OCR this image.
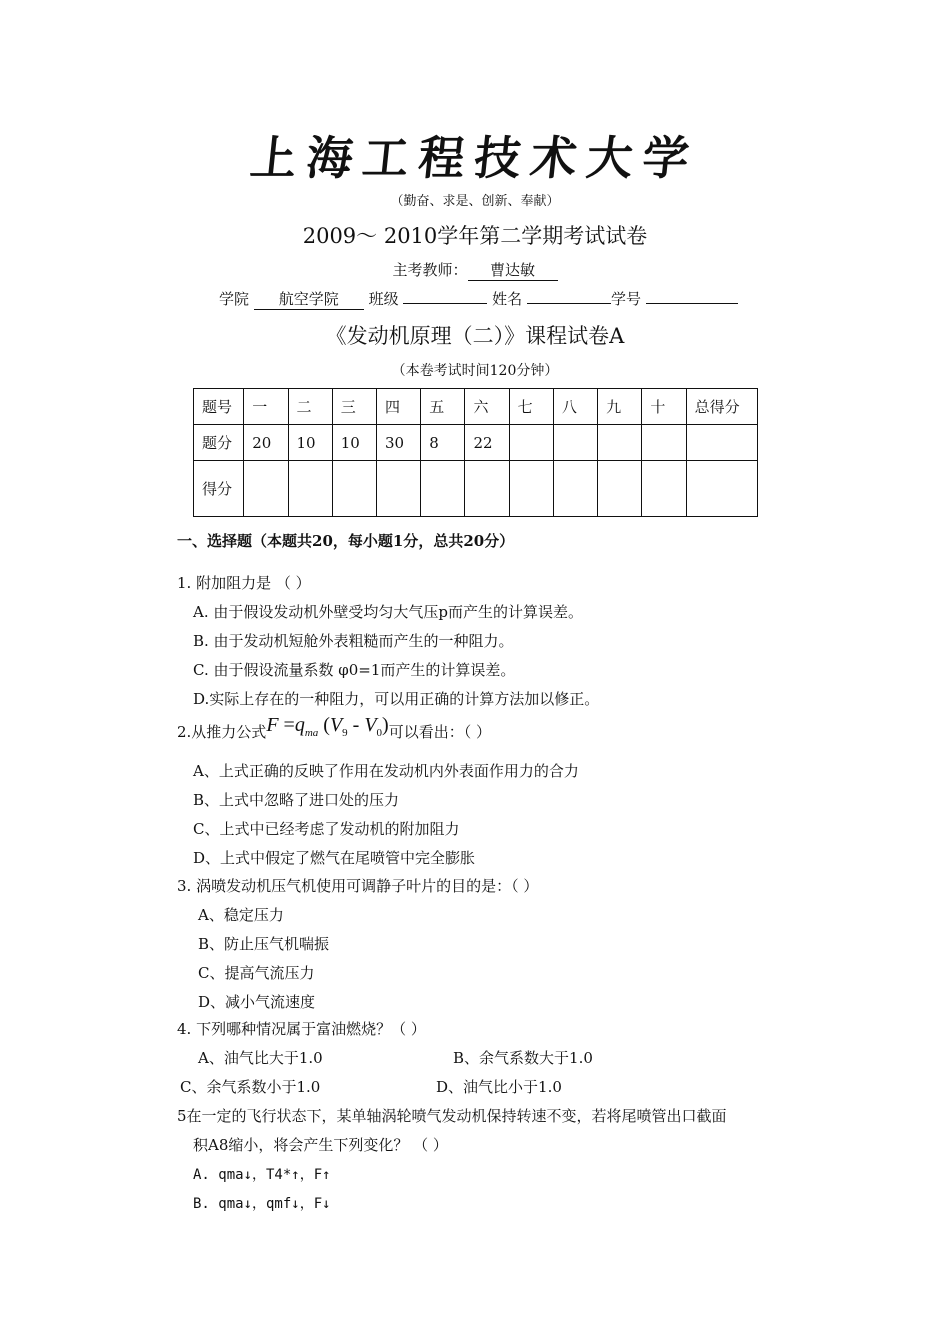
上海工程技术大学
（勤奋、求是、创新、奉献）
2009～ 2010学年第二学期考试试卷
主考教师： 曹达敏
学院 航空学院 班级	姓名	学号
《发动机原理（二）》课程试卷A
（本卷考试时间120分钟）
题号	一	二	三	四	五	六	七	八	九	十	总得分
题分	20	10	10	30	8	22					
得分											
一、选择题（本题共20，每小题1分，总共20分）
1. 附加阻力是 （ ）
A. 由于假设发动机外壁受均匀大气压p而产生的计算误差。
B. 由于发动机短舱外表粗糙而产生的一种阻力。
C. 由于假设流量系数 φ0=1而产生的计算误差。
D.实际上存在的一种阻力，可以用正确的计算方法加以修正。
2.从推力公式$F =q_{ma}$ $(V_9 - V_0)$可以看出：（ ）
A、上式正确的反映了作用在发动机内外表面作用力的合力
B、上式中忽略了进口处的压力
C、上式中已经考虑了发动机的附加阻力
D、上式中假定了燃气在尾喷管中完全膨胀
3. 涡喷发动机压气机使用可调静子叶片的目的是：（ ）
A、稳定压力
B、防止压气机喘振
C、提高气流压力
D、减小气流速度
4. 下列哪种情况属于富油燃烧？（ ）
A、油气比大于1.0	B、余气系数大于1.0
C、余气系数小于1.0	D、油气比小于1.0
5在一定的飞行状态下，某单轴涡轮喷气发动机保持转速不变，若将尾喷管出口截面
积A8缩小，将会产生下列变化？ （ ）
A. qma↓，T4*↑，F↑
B. qma↓，qmf↓，F↓
